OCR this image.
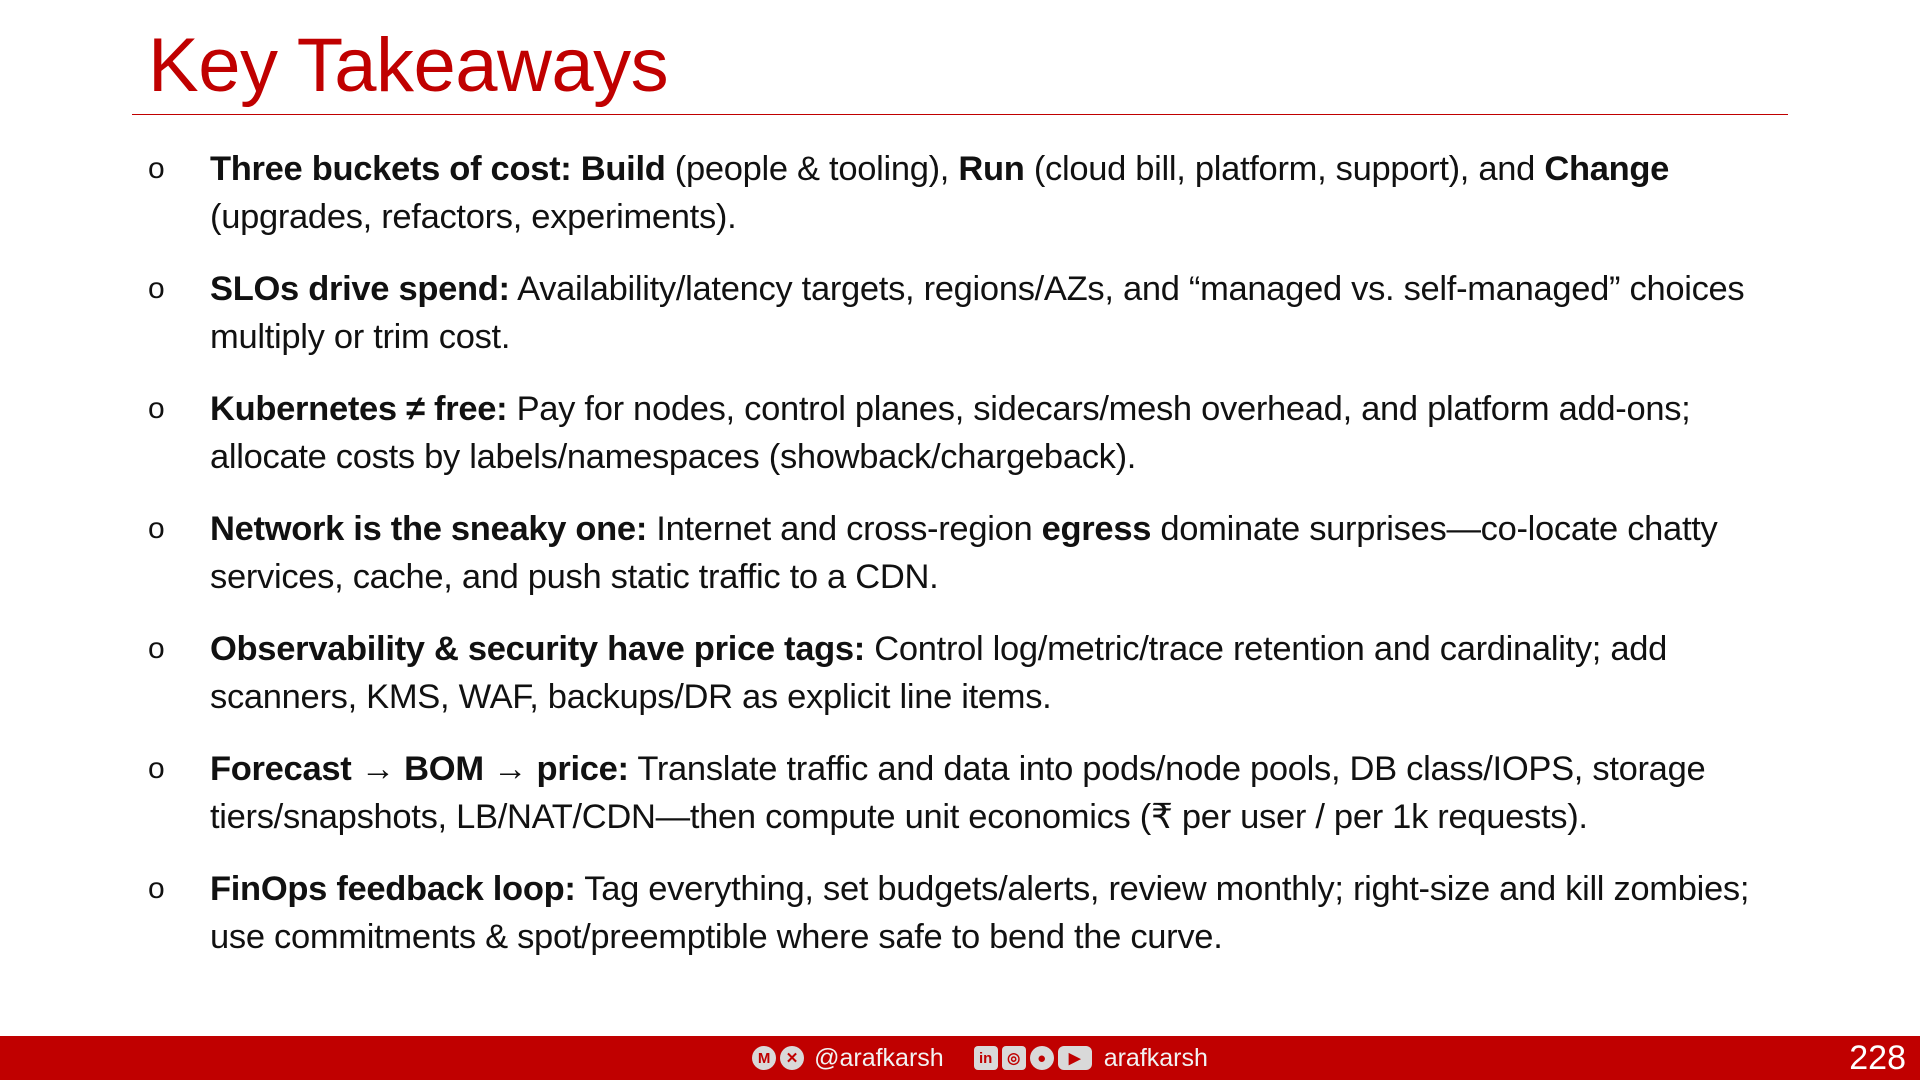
Key Takeaways
o	Three buckets of cost: Build (people & tooling), Run (cloud bill, platform, support), and Change (upgrades, refactors, experiments).
o	SLOs drive spend: Availability/latency targets, regions/AZs, and “managed vs. self-managed” choices multiply or trim cost.
o	Kubernetes ≠ free: Pay for nodes, control planes, sidecars/mesh overhead, and platform add-ons; allocate costs by labels/namespaces (showback/chargeback).
o	Network is the sneaky one: Internet and cross-region egress dominate surprises—co-locate chatty services, cache, and push static traffic to a CDN.
o	Observability & security have price tags: Control log/metric/trace retention and cardinality; add scanners, KMS, WAF, backups/DR as explicit line items.
o	Forecast → BOM → price: Translate traffic and data into pods/node pools, DB class/IOPS, storage tiers/snapshots, LB/NAT/CDN—then compute unit economics (₹ per user / per 1k requests).
o	FinOps feedback loop: Tag everything, set budgets/alerts, review monthly; right-size and kill zombies; use commitments & spot/preemptible where safe to bend the curve.
M	✕ @arafkarsh	in ◎	●	▶ arafkarsh	228
